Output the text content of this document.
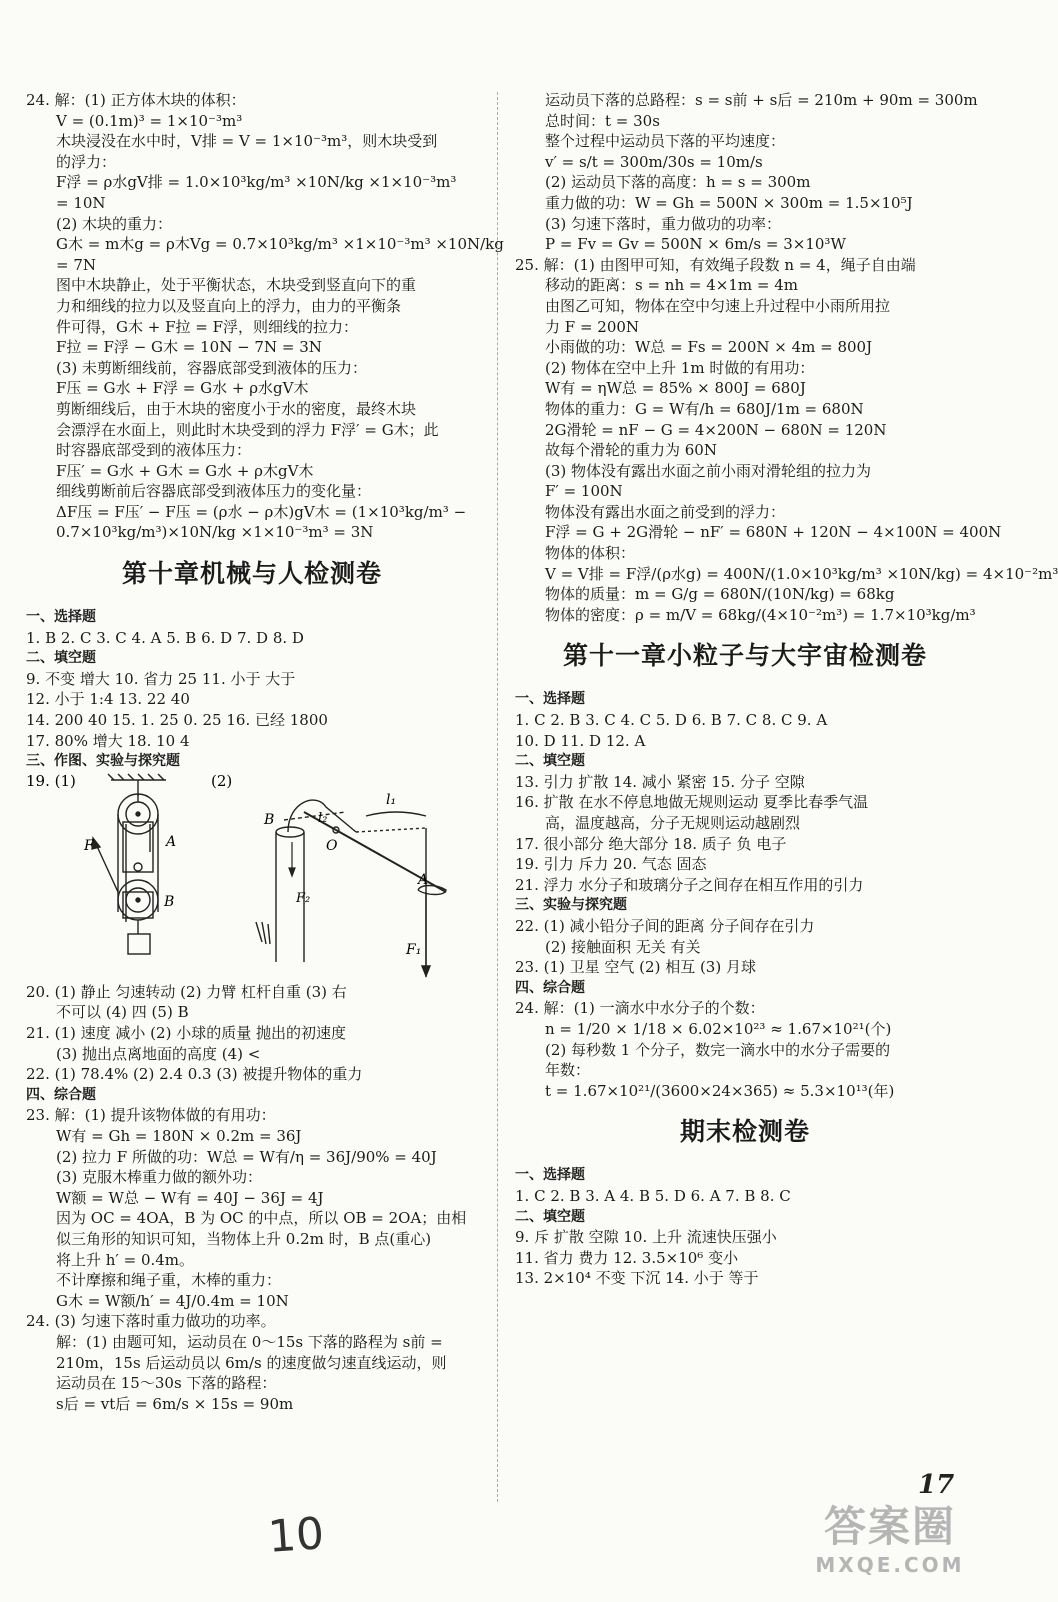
24. 解：(1) 正方体木块的体积：
V = (0.1m)³ = 1×10⁻³m³
木块浸没在水中时，V排 = V = 1×10⁻³m³，则木块受到
的浮力：
F浮 = ρ水gV排 = 1.0×10³kg/m³ ×10N/kg ×1×10⁻³m³
= 10N
(2) 木块的重力：
G木 = m木g = ρ木Vg = 0.7×10³kg/m³ ×1×10⁻³m³ ×10N/kg
= 7N
图中木块静止，处于平衡状态，木块受到竖直向下的重
力和细线的拉力以及竖直向上的浮力，由力的平衡条
件可得，G木 + F拉 = F浮，则细线的拉力：
F拉 = F浮 − G木 = 10N − 7N = 3N
(3) 未剪断细线前，容器底部受到液体的压力：
F压 = G水 + F浮 = G水 + ρ水gV木
剪断细线后，由于木块的密度小于水的密度，最终木块
会漂浮在水面上，则此时木块受到的浮力 F浮′ = G木；此
时容器底部受到的液体压力：
F压′ = G水 + G木 = G水 + ρ木gV木
细线剪断前后容器底部受到液体压力的变化量：
ΔF压 = F压′ − F压 = (ρ水 − ρ木)gV木 = (1×10³kg/m³ −
0.7×10³kg/m³)×10N/kg ×1×10⁻³m³ = 3N
第十章机械与人检测卷
一、选择题
1. B 2. C 3. C 4. A 5. B 6. D 7. D 8. D
二、填空题
9. 不变 增大 10. 省力 25 11. 小于 大于
12. 小于 1:4 13. 22 40
14. 200 40 15. 1. 25 0. 25 16. 已经 1800
17. 80% 增大 18. 10 4
三、作图、实验与探究题
19. (1)	(2)
F	A
B
B
O
A
l₁
l₂
F₁
F₂
20. (1) 静止 匀速转动 (2) 力臂 杠杆自重 (3) 右
不可以 (4) 四 (5) B
21. (1) 速度 减小 (2) 小球的质量 抛出的初速度
(3) 抛出点离地面的高度 (4) <
22. (1) 78.4% (2) 2.4 0.3 (3) 被提升物体的重力
四、综合题
23. 解：(1) 提升该物体做的有用功：
W有 = Gh = 180N × 0.2m = 36J
(2) 拉力 F 所做的功：W总 = W有/η = 36J/90% = 40J
(3) 克服木棒重力做的额外功：
W额 = W总 − W有 = 40J − 36J = 4J
因为 OC = 4OA，B 为 OC 的中点，所以 OB = 2OA；由相
似三角形的知识可知，当物体上升 0.2m 时，B 点(重心)
将上升 h′ = 0.4m。
不计摩擦和绳子重，木棒的重力：
G木 = W额/h′ = 4J/0.4m = 10N
24. (3) 匀速下落时重力做功的功率。
解：(1) 由题可知，运动员在 0～15s 下落的路程为 s前 =
210m，15s 后运动员以 6m/s 的速度做匀速直线运动，则
运动员在 15～30s 下落的路程：
s后 = vt后 = 6m/s × 15s = 90m
运动员下落的总路程：s = s前 + s后 = 210m + 90m = 300m
总时间：t = 30s
整个过程中运动员下落的平均速度：
v′ = s/t = 300m/30s = 10m/s
(2) 运动员下落的高度：h = s = 300m
重力做的功：W = Gh = 500N × 300m = 1.5×10⁵J
(3) 匀速下落时，重力做功的功率：
P = Fv = Gv = 500N × 6m/s = 3×10³W
25. 解：(1) 由图甲可知，有效绳子段数 n = 4，绳子自由端
移动的距离：s = nh = 4×1m = 4m
由图乙可知，物体在空中匀速上升过程中小雨所用拉
力 F = 200N
小雨做的功：W总 = Fs = 200N × 4m = 800J
(2) 物体在空中上升 1m 时做的有用功：
W有 = ηW总 = 85% × 800J = 680J
物体的重力：G = W有/h = 680J/1m = 680N
2G滑轮 = nF − G = 4×200N − 680N = 120N
故每个滑轮的重力为 60N
(3) 物体没有露出水面之前小雨对滑轮组的拉力为
F′ = 100N
物体没有露出水面之前受到的浮力：
F浮 = G + 2G滑轮 − nF′ = 680N + 120N − 4×100N = 400N
物体的体积：
V = V排 = F浮/(ρ水g) = 400N/(1.0×10³kg/m³ ×10N/kg) = 4×10⁻²m³
物体的质量：m = G/g = 680N/(10N/kg) = 68kg
物体的密度：ρ = m/V = 68kg/(4×10⁻²m³) = 1.7×10³kg/m³
第十一章小粒子与大宇宙检测卷
一、选择题
1. C 2. B 3. C 4. C 5. D 6. B 7. C 8. C 9. A
10. D 11. D 12. A
二、填空题
13. 引力 扩散 14. 减小 紧密 15. 分子 空隙
16. 扩散 在水不停息地做无规则运动 夏季比春季气温
高，温度越高，分子无规则运动越剧烈
17. 很小部分 绝大部分 18. 质子 负 电子
19. 引力 斥力 20. 气态 固态
21. 浮力 水分子和玻璃分子之间存在相互作用的引力
三、实验与探究题
22. (1) 减小铅分子间的距离 分子间存在引力
(2) 接触面积 无关 有关
23. (1) 卫星 空气 (2) 相互 (3) 月球
四、综合题
24. 解：(1) 一滴水中水分子的个数：
n = 1/20 × 1/18 × 6.02×10²³ ≈ 1.67×10²¹(个)
(2) 每秒数 1 个分子，数完一滴水中的水分子需要的
年数：
t = 1.67×10²¹/(3600×24×365) ≈ 5.3×10¹³(年)
期末检测卷
一、选择题
1. C 2. B 3. A 4. B 5. D 6. A 7. B 8. C
二、填空题
9. 斥 扩散 空隙 10. 上升 流速快压强小
11. 省力 费力 12. 3.5×10⁶ 变小
13. 2×10⁴ 不变 下沉 14. 小于 等于
10
17
答案圈
MXQE.COM
